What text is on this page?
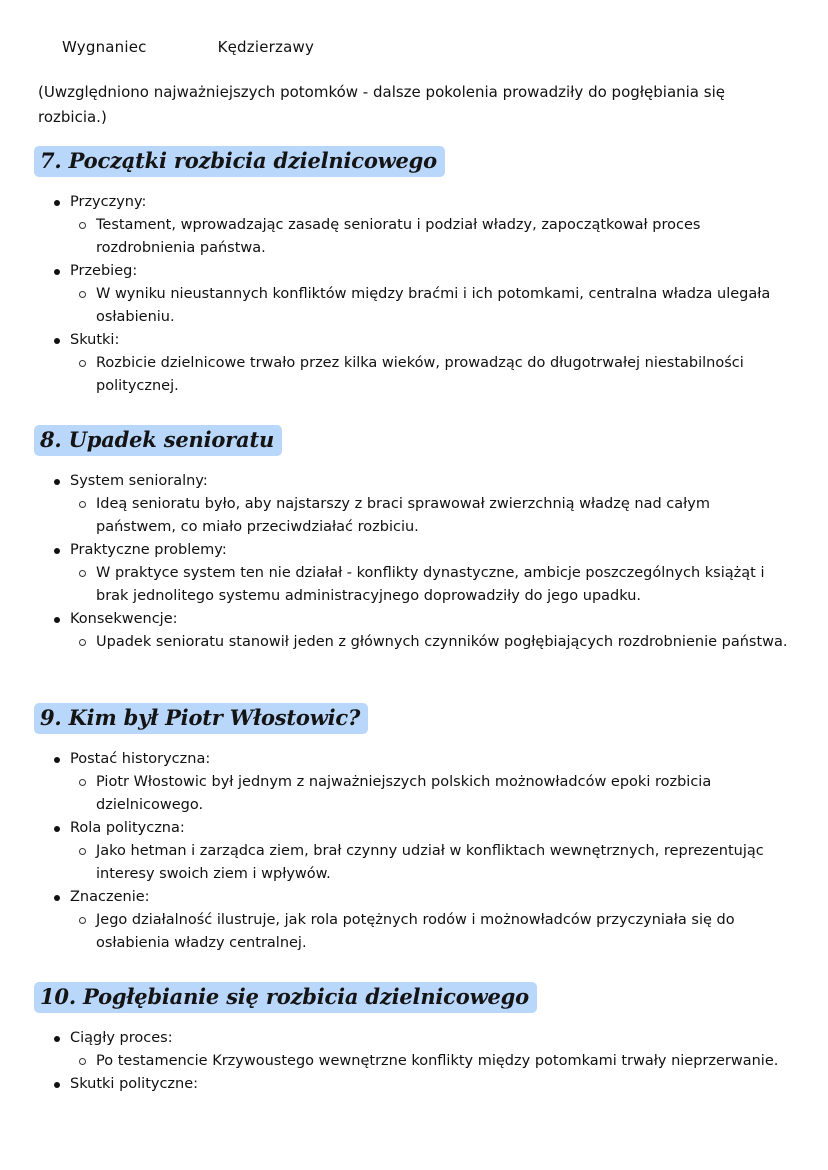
Wygnaniec	Kędzierzawy
(Uwzględniono najważniejszych potomków - dalsze pokolenia prowadziły do pogłębiania się rozbicia.)
7. Początki rozbicia dzielnicowego
Przyczyny:
Testament, wprowadzając zasadę senioratu i podział władzy, zapoczątkował proces rozdrobnienia państwa.
Przebieg:
W wyniku nieustannych konfliktów między braćmi i ich potomkami, centralna władza ulegała osłabieniu.
Skutki:
Rozbicie dzielnicowe trwało przez kilka wieków, prowadząc do długotrwałej niestabilności politycznej.
8. Upadek senioratu
System senioralny:
Ideą senioratu było, aby najstarszy z braci sprawował zwierzchnią władzę nad całym państwem, co miało przeciwdziałać rozbiciu.
Praktyczne problemy:
W praktyce system ten nie działał - konflikty dynastyczne, ambicje poszczególnych książąt i brak jednolitego systemu administracyjnego doprowadziły do jego upadku.
Konsekwencje:
Upadek senioratu stanowił jeden z głównych czynników pogłębiających rozdrobnienie państwa.
9. Kim był Piotr Włostowic?
Postać historyczna:
Piotr Włostowic był jednym z najważniejszych polskich możnowładców epoki rozbicia dzielnicowego.
Rola polityczna:
Jako hetman i zarządca ziem, brał czynny udział w konfliktach wewnętrznych, reprezentując interesy swoich ziem i wpływów.
Znaczenie:
Jego działalność ilustruje, jak rola potężnych rodów i możnowładców przyczyniała się do osłabienia władzy centralnej.
10. Pogłębianie się rozbicia dzielnicowego
Ciągły proces:
Po testamencie Krzywoustego wewnętrzne konflikty między potomkami trwały nieprzerwanie.
Skutki polityczne:
